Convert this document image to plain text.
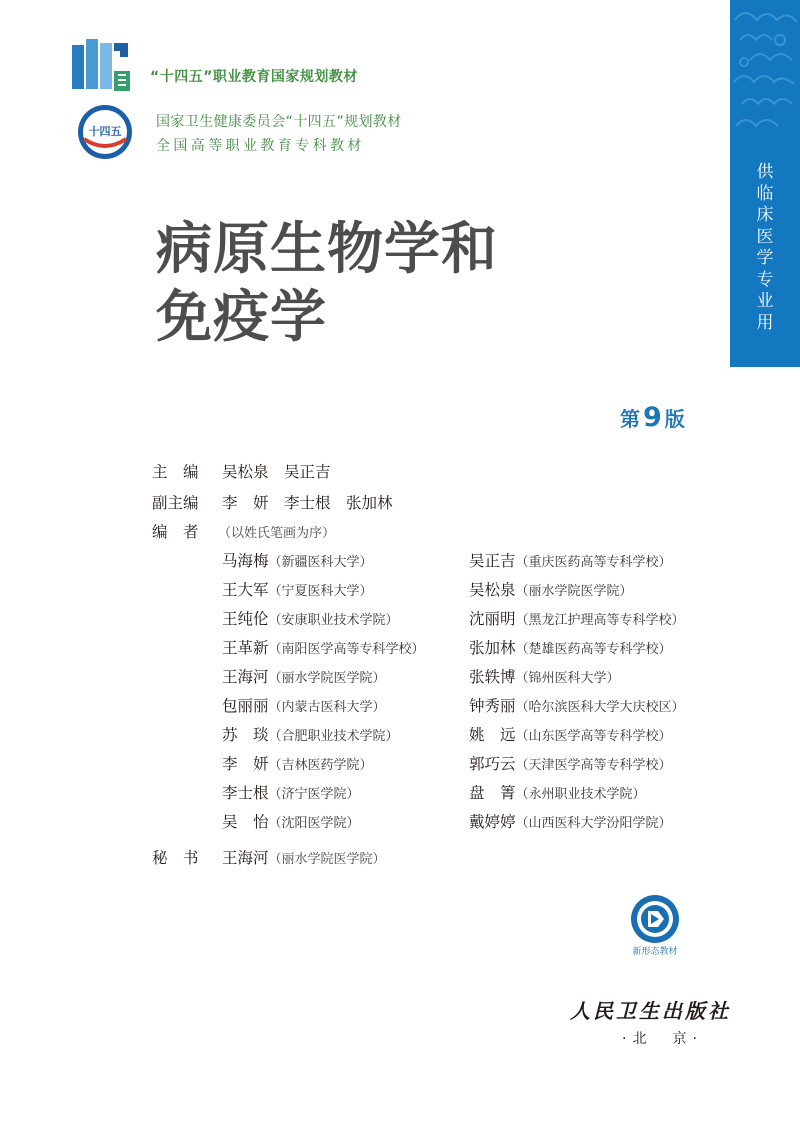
“十四五”职业教育国家规划教材
十四五
国家卫生健康委员会“十四五”规划教材
全国高等职业教育专科教材
供
临
床
医
学
专
业
用
病原生物学和
免疫学
第 9 版
主　编 吴松泉　吴正吉
副主编 李　妍　李士根　张加林
编　者 （以姓氏笔画为序）
马海梅（新疆医科大学）
王大军（宁夏医科大学）
王纯伦（安康职业技术学院）
王革新（南阳医学高等专科学校）
王海河（丽水学院医学院）
包丽丽（内蒙古医科大学）
苏　琰（合肥职业技术学院）
李　妍（吉林医药学院）
李士根（济宁医学院）
吴　怡（沈阳医学院）
吴正吉（重庆医药高等专科学校）
吴松泉（丽水学院医学院）
沈丽明（黑龙江护理高等专科学校）
张加林（楚雄医药高等专科学校）
张轶博（锦州医科大学）
钟秀丽（哈尔滨医科大学大庆校区）
姚　远（山东医学高等专科学校）
郭巧云（天津医学高等专科学校）
盘　箐（永州职业技术学院）
戴婷婷（山西医科大学汾阳学院）
秘　书 王海河（丽水学院医学院）
新形态教材
人民卫生出版社
·北　京·
